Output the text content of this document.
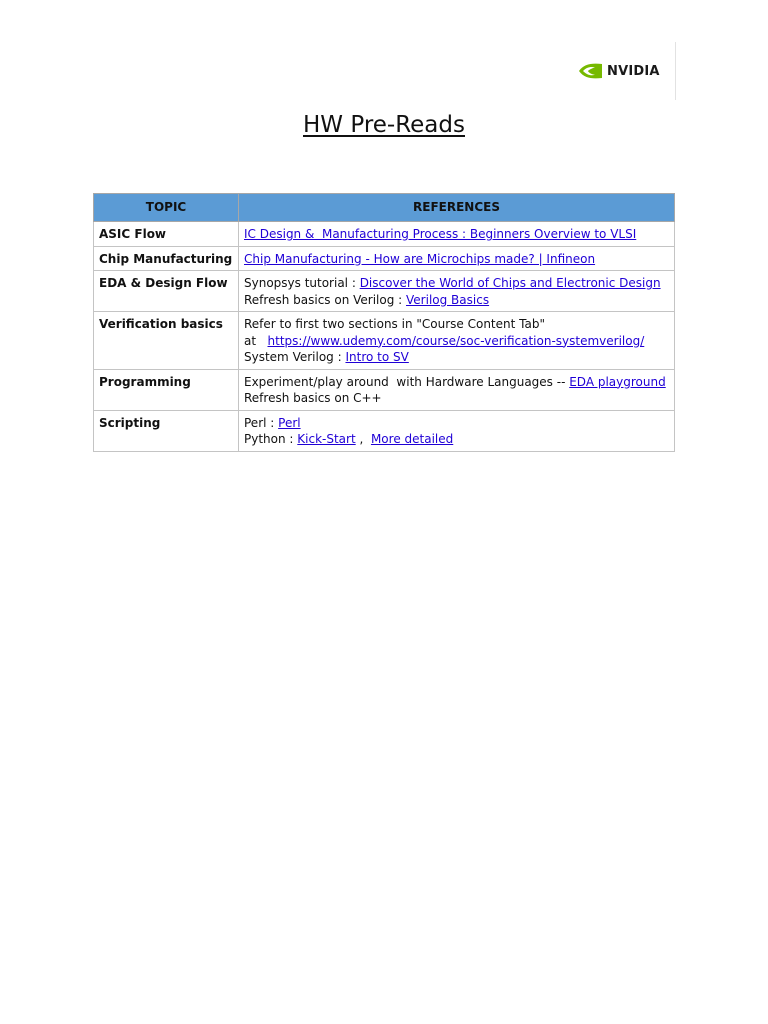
NVIDIA
HW Pre-Reads
TOPIC	REFERENCES
ASIC Flow	IC Design &  Manufacturing Process : Beginners Overview to VLSI

Chip Manufacturing	Chip Manufacturing - How are Microchips made? | Infineon

EDA & Design Flow	Synopsys tutorial : Discover the World of Chips and Electronic Design
Refresh basics on Verilog : Verilog Basics

Verification basics	Refer to first two sections in "Course Content Tab"
at   https://www.udemy.com/course/soc-verification-systemverilog/
System Verilog : Intro to SV

Programming	Experiment/play around  with Hardware Languages -- EDA playground
Refresh basics on C++

Scripting	Perl : Perl
Python : Kick-Start ,  More detailed
